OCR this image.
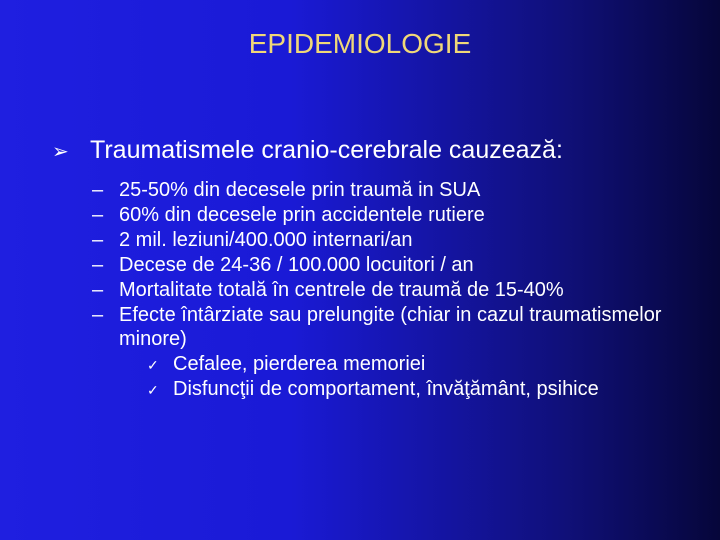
EPIDEMIOLOGIE
➢ Traumatismele cranio-cerebrale cauzează:
– 25-50% din decesele prin traumă in SUA
– 60% din decesele prin accidentele rutiere
– 2 mil. leziuni/400.000 internari/an
– Decese de 24-36 / 100.000 locuitori / an
– Mortalitate totală în centrele de traumă de 15-40%
– Efecte întârziate sau prelungite (chiar in cazul traumatismelor minore)
✓ Cefalee, pierderea memoriei
✓ Disfuncţii de comportament, învăţământ, psihice
